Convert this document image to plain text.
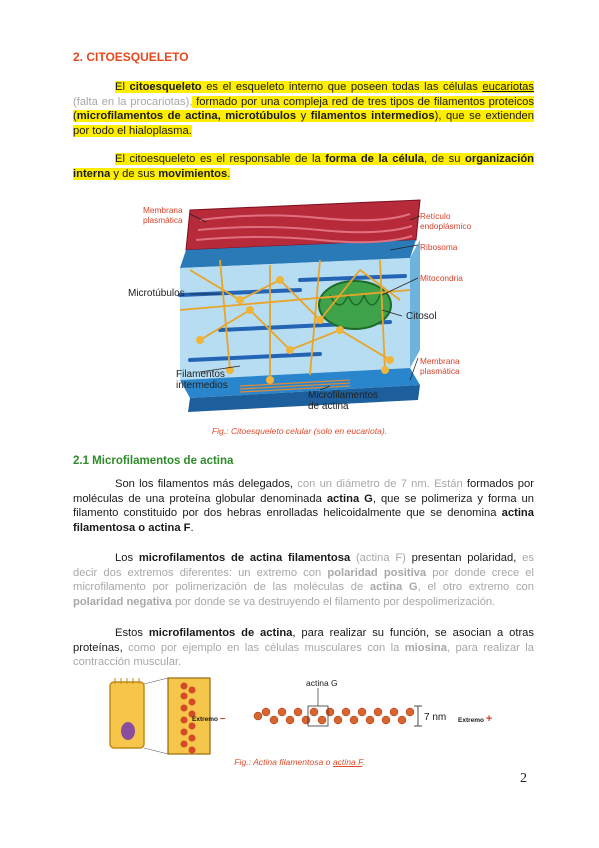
2. CITOESQUELETO
El citoesqueleto es el esqueleto interno que poseen todas las células eucariotas (falta en la procariotas), formado por una compleja red de tres tipos de filamentos proteicos (microfilamentos de actina, microtúbulos y filamentos intermedios), que se extienden por todo el hialoplasma.
El citoesqueleto es el responsable de la forma de la célula, de su organización interna y de sus movimientos.
Membrana plasmática	Retículo endoplásmico
Ribosoma
Mitocondria
Microtúbulos
Citosol
Membrana plasmática
Filamentos intermedios
Microfilamentos de actina
Fig.: Citoesqueleto celular (solo en eucariota).
2.1 Microfilamentos de actina
Son los filamentos más delegados, con un diámetro de 7 nm. Están formados por moléculas de una proteína globular denominada actina G, que se polimeriza y forma un filamento constituido por dos hebras enrolladas helicoidalmente que se denomina actina filamentosa o actina F.
Los microfilamentos de actina filamentosa (actina F) presentan polaridad, es decir dos extremos diferentes: un extremo con polaridad positiva por donde crece el microfilamento por polimerización de las moléculas de actina G, el otro extremo con polaridad negativa por donde se va destruyendo el filamento por despolimerización.
Estos microfilamentos de actina, para realizar su función, se asocian a otras proteínas, como por ejemplo en las células musculares con la miosina, para realizar la contracción muscular.
actina G
Extremo –	7 nm Extremo +
Fig.: Actina filamentosa o actina F.
2
